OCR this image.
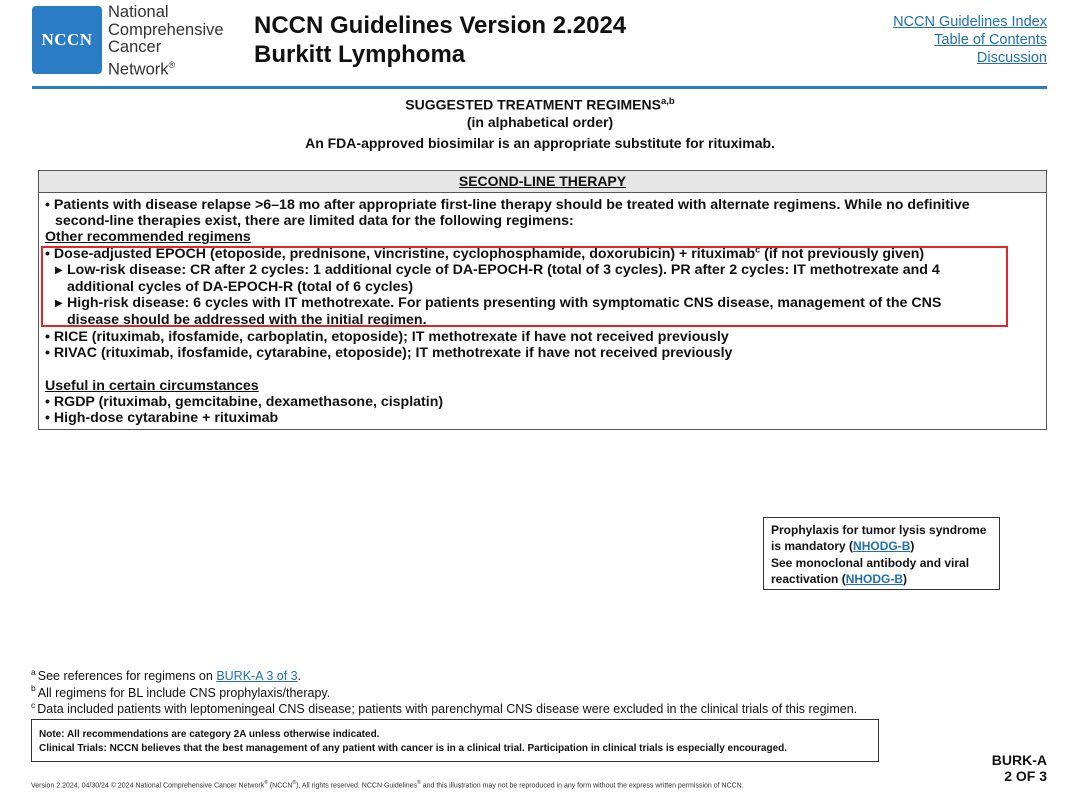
NCCN
National
Comprehensive
Cancer
Network®
NCCN Guidelines Version 2.2024
Burkitt Lymphoma
NCCN Guidelines Index
Table of Contents
Discussion
SUGGESTED TREATMENT REGIMENS$^{a,b}$
(in alphabetical order)
An FDA-approved biosimilar is an appropriate substitute for rituximab.
SECOND-LINE THERAPY
• Patients with disease relapse >6–18 mo after appropriate first-line therapy should be treated with alternate regimens. While no definitive
second-line therapies exist, there are limited data for the following regimens:
Other recommended regimens
• Dose-adjusted EPOCH (etoposide, prednisone, vincristine, cyclophosphamide, doxorubicin) + rituximab$^c$ (if not previously given)
▶ Low-risk disease: CR after 2 cycles: 1 additional cycle of DA-EPOCH-R (total of 3 cycles). PR after 2 cycles: IT methotrexate and 4
additional cycles of DA-EPOCH-R (total of 6 cycles)
▶ High-risk disease: 6 cycles with IT methotrexate. For patients presenting with symptomatic CNS disease, management of the CNS
disease should be addressed with the initial regimen.
• RICE (rituximab, ifosfamide, carboplatin, etoposide); IT methotrexate if have not received previously
• RIVAC (rituximab, ifosfamide, cytarabine, etoposide); IT methotrexate if have not received previously
Useful in certain circumstances
• RGDP (rituximab, gemcitabine, dexamethasone, cisplatin)
• High-dose cytarabine + rituximab
Prophylaxis for tumor lysis syndrome
is mandatory (NHODG-B)
See monoclonal antibody and viral
reactivation (NHODG-B)
$^a$ See references for regimens on BURK-A 3 of 3.
$^b$ All regimens for BL include CNS prophylaxis/therapy.
$^c$ Data included patients with leptomeningeal CNS disease; patients with parenchymal CNS disease were excluded in the clinical trials of this regimen.
Note: All recommendations are category 2A unless otherwise indicated.
Clinical Trials: NCCN believes that the best management of any patient with cancer is in a clinical trial. Participation in clinical trials is especially encouraged.
BURK-A
2 OF 3
Version 2.2024, 04/30/24 © 2024 National Comprehensive Cancer Network® (NCCN®), All rights reserved. NCCN Guidelines® and this illustration may not be reproduced in any form without the express written permission of NCCN.
